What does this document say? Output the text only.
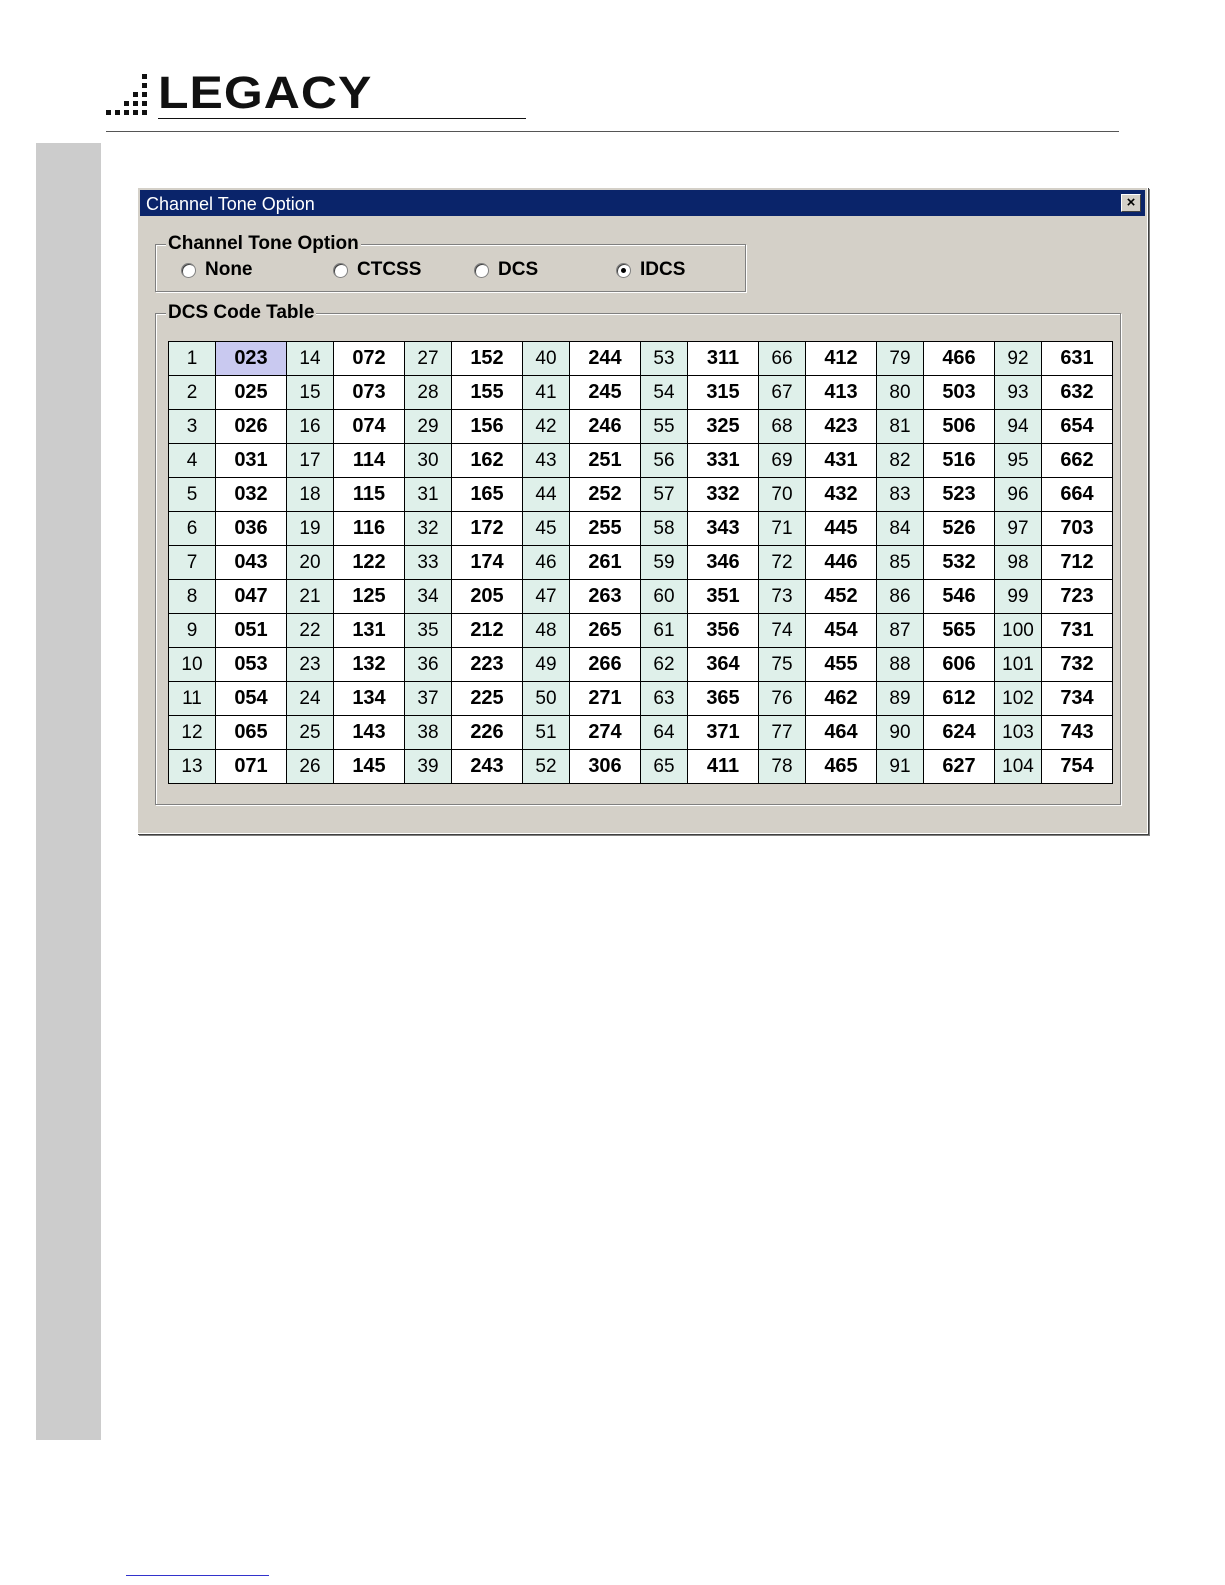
LEGACY
Channel Tone Option	×
Channel Tone Option
None	CTCSS	DCS	IDCS
DCS Code Table
1	023	14	072	27	152	40	244	53	311	66	412	79	466	92	631
2	025	15	073	28	155	41	245	54	315	67	413	80	503	93	632
3	026	16	074	29	156	42	246	55	325	68	423	81	506	94	654
4	031	17	114	30	162	43	251	56	331	69	431	82	516	95	662
5	032	18	115	31	165	44	252	57	332	70	432	83	523	96	664
6	036	19	116	32	172	45	255	58	343	71	445	84	526	97	703
7	043	20	122	33	174	46	261	59	346	72	446	85	532	98	712
8	047	21	125	34	205	47	263	60	351	73	452	86	546	99	723
9	051	22	131	35	212	48	265	61	356	74	454	87	565	100	731
10	053	23	132	36	223	49	266	62	364	75	455	88	606	101	732
11	054	24	134	37	225	50	271	63	365	76	462	89	612	102	734
12	065	25	143	38	226	51	274	64	371	77	464	90	624	103	743
13	071	26	145	39	243	52	306	65	411	78	465	91	627	104	754
